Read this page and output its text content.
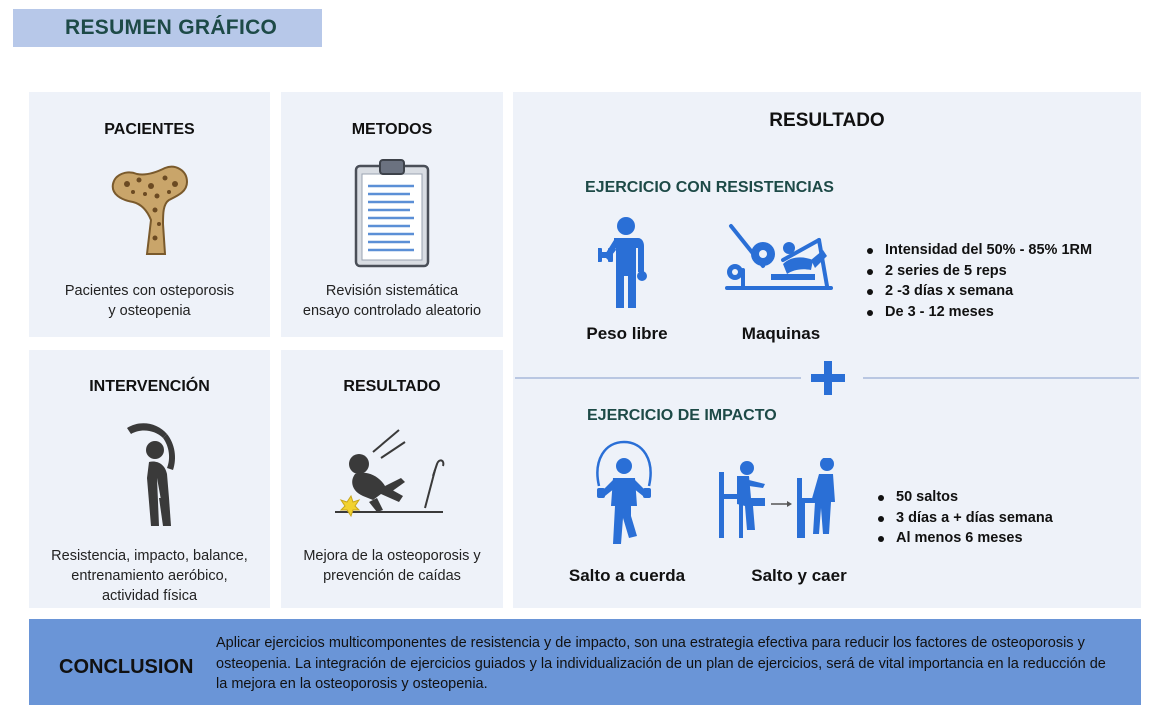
RESUMEN GRÁFICO
PACIENTES
Pacientes con osteporosis
y osteopenia
METODOS
Revisión sistemática
ensayo controlado aleatorio
INTERVENCIÓN
Resistencia, impacto, balance,
entrenamiento aeróbico,
actividad física
RESULTADO
Mejora de la osteoporosis y
prevención de caídas
RESULTADO
EJERCICIO CON RESISTENCIAS
Peso libre	Maquinas
Intensidad del 50% - 85% 1RM
2 series de 5 reps
2 -3 días x semana
De 3 - 12 meses
EJERCICIO DE IMPACTO
Salto a cuerda	Salto y caer
50 saltos
3 días a + días semana
Al menos 6 meses
CONCLUSION
Aplicar ejercicios multicomponentes de resistencia y de impacto, son una estrategia efectiva para reducir los factores de osteoporosis y osteopenia. La integración de ejercicios guiados y la individualización de un plan de ejercicios, será de vital importancia en la reducción de la mejora en la osteoporosis y osteopenia.
